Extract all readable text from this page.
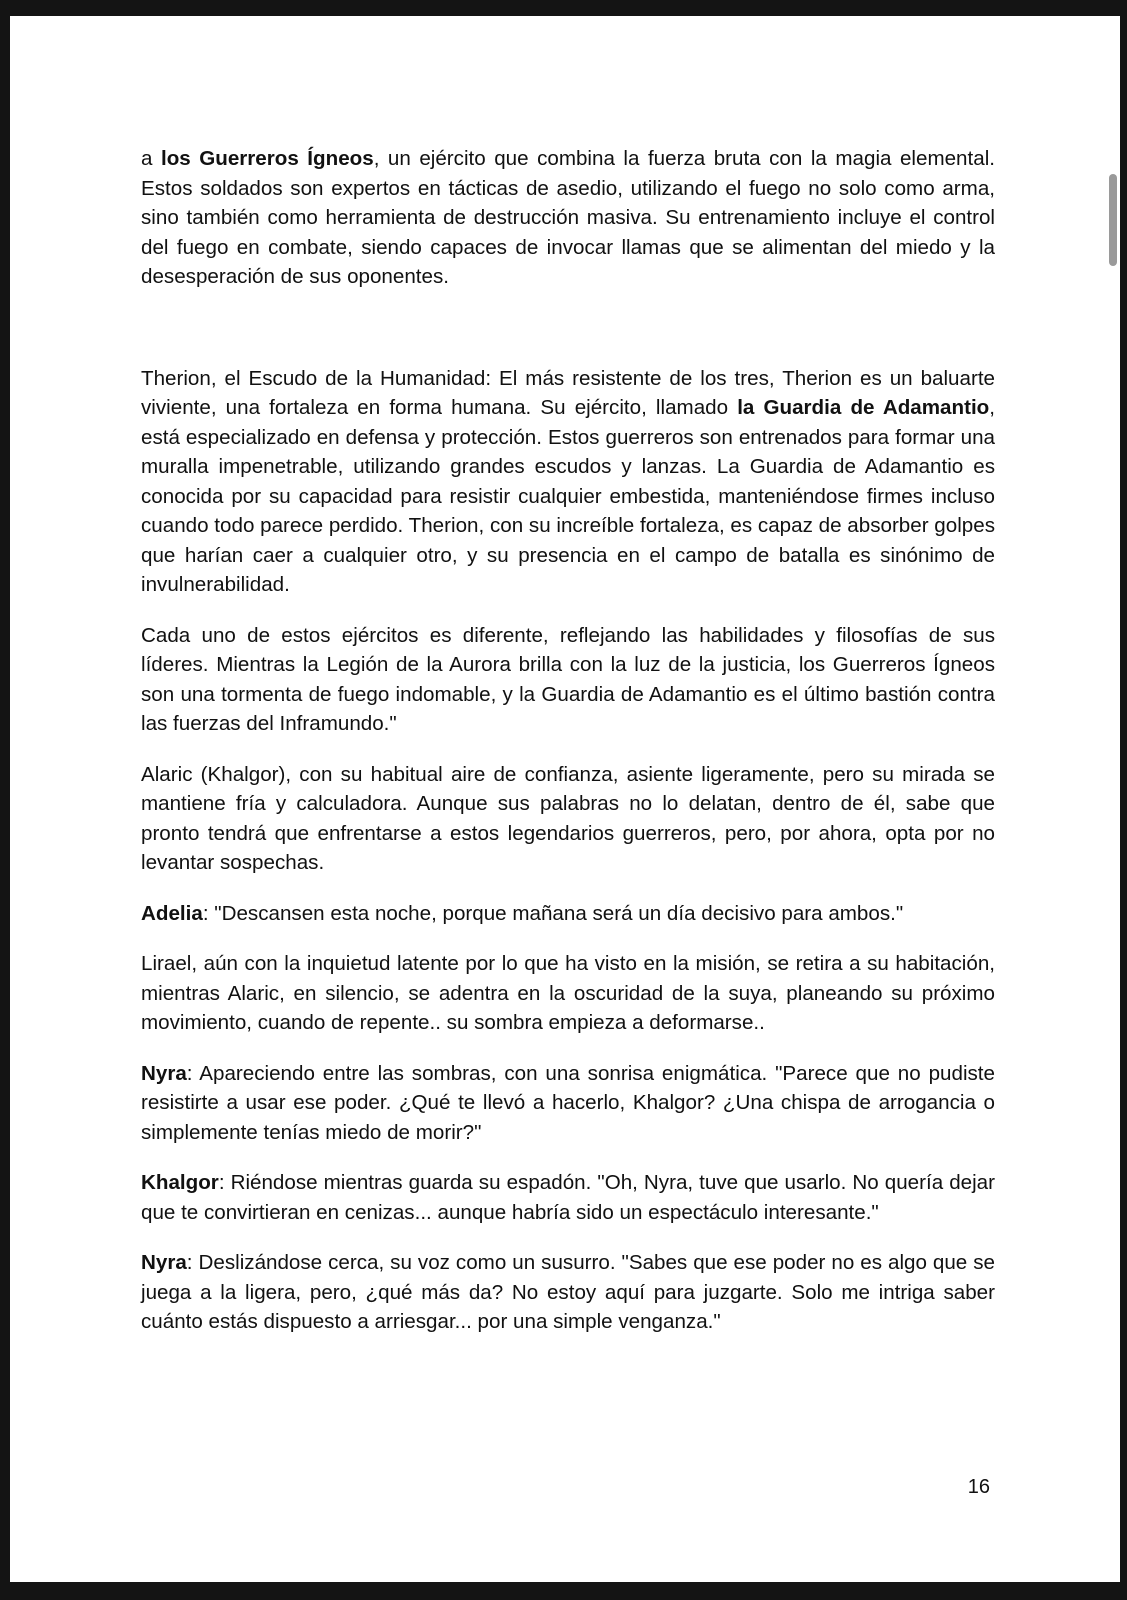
a los Guerreros Ígneos, un ejército que combina la fuerza bruta con la magia elemental. Estos soldados son expertos en tácticas de asedio, utilizando el fuego no solo como arma, sino también como herramienta de destrucción masiva. Su entrenamiento incluye el control del fuego en combate, siendo capaces de invocar llamas que se alimentan del miedo y la desesperación de sus oponentes.

Therion, el Escudo de la Humanidad: El más resistente de los tres, Therion es un baluarte viviente, una fortaleza en forma humana. Su ejército, llamado la Guardia de Adamantio, está especializado en defensa y protección. Estos guerreros son entrenados para formar una muralla impenetrable, utilizando grandes escudos y lanzas. La Guardia de Adamantio es conocida por su capacidad para resistir cualquier embestida, manteniéndose firmes incluso cuando todo parece perdido. Therion, con su increíble fortaleza, es capaz de absorber golpes que harían caer a cualquier otro, y su presencia en el campo de batalla es sinónimo de invulnerabilidad.

Cada uno de estos ejércitos es diferente, reflejando las habilidades y filosofías de sus líderes. Mientras la Legión de la Aurora brilla con la luz de la justicia, los Guerreros Ígneos son una tormenta de fuego indomable, y la Guardia de Adamantio es el último bastión contra las fuerzas del Inframundo."

Alaric (Khalgor), con su habitual aire de confianza, asiente ligeramente, pero su mirada se mantiene fría y calculadora. Aunque sus palabras no lo delatan, dentro de él, sabe que pronto tendrá que enfrentarse a estos legendarios guerreros, pero, por ahora, opta por no levantar sospechas.

Adelia: "Descansen esta noche, porque mañana será un día decisivo para ambos."

Lirael, aún con la inquietud latente por lo que ha visto en la misión, se retira a su habitación, mientras Alaric, en silencio, se adentra en la oscuridad de la suya, planeando su próximo movimiento, cuando de repente.. su sombra empieza a deformarse..

Nyra: Apareciendo entre las sombras, con una sonrisa enigmática. "Parece que no pudiste resistirte a usar ese poder. ¿Qué te llevó a hacerlo, Khalgor? ¿Una chispa de arrogancia o simplemente tenías miedo de morir?"

Khalgor: Riéndose mientras guarda su espadón. "Oh, Nyra, tuve que usarlo. No quería dejar que te convirtieran en cenizas... aunque habría sido un espectáculo interesante."

Nyra: Deslizándose cerca, su voz como un susurro. "Sabes que ese poder no es algo que se juega a la ligera, pero, ¿qué más da? No estoy aquí para juzgarte. Solo me intriga saber cuánto estás dispuesto a arriesgar... por una simple venganza."

16
